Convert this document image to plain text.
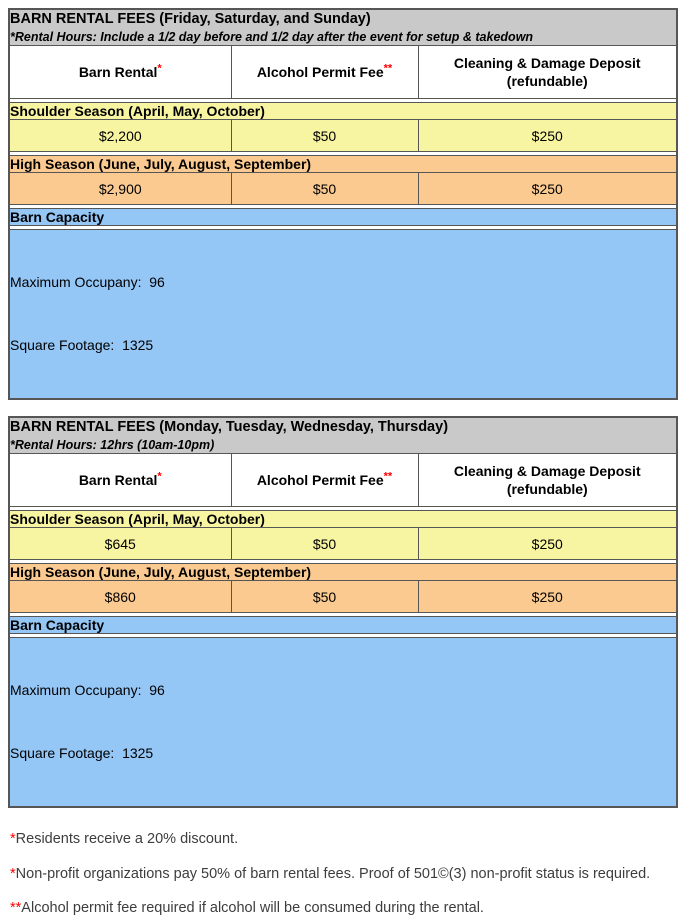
BARN RENTAL FEES (Friday, Saturday, and Sunday)
*Rental Hours: Include a 1/2 day before and 1/2 day after the event for setup & takedown		

Barn Rental*	Alcohol Permit Fee**	Cleaning & Damage Deposit
(refundable)

Shoulder Season (April, May, October)		
$2,200	$50	$250

High Season (June, July, August, September)		
$2,900	$50	$250

Barn Capacity		

Maximum Occupany:  96

Square Footage:  1325		

BARN RENTAL FEES (Monday, Tuesday, Wednesday, Thursday)
*Rental Hours: 12hrs (10am-10pm)		

Barn Rental*	Alcohol Permit Fee**	Cleaning & Damage Deposit
(refundable)

Shoulder Season (April, May, October)		
$645	$50	$250

High Season (June, July, August, September)		
$860	$50	$250

Barn Capacity		

Maximum Occupany:  96

Square Footage:  1325		

*Residents receive a 20% discount.
*Non-profit organizations pay 50% of barn rental fees. Proof of 501©(3) non-profit status is required.
**Alcohol permit fee required if alcohol will be consumed during the rental.
